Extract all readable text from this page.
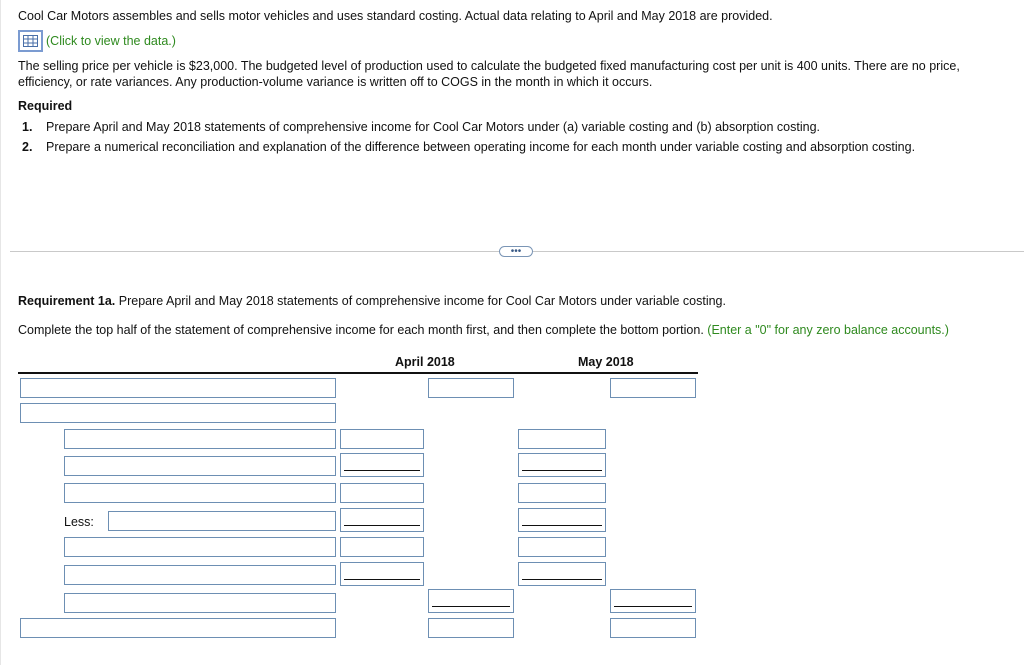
Cool Car Motors assembles and sells motor vehicles and uses standard costing. Actual data relating to April and May 2018 are provided.
(Click to view the data.)
The selling price per vehicle is $23,000. The budgeted level of production used to calculate the budgeted fixed manufacturing cost per unit is 400 units. There are no price,
efficiency, or rate variances. Any production-volume variance is written off to COGS in the month in which it occurs.
Required
1. Prepare April and May 2018 statements of comprehensive income for Cool Car Motors under (a) variable costing and (b) absorption costing.
2. Prepare a numerical reconciliation and explanation of the difference between operating income for each month under variable costing and absorption costing.
•••
Requirement 1a. Prepare April and May 2018 statements of comprehensive income for Cool Car Motors under variable costing.
Complete the top half of the statement of comprehensive income for each month first, and then complete the bottom portion. (Enter a "0" for any zero balance accounts.)
April 2018	May 2018
Less:
